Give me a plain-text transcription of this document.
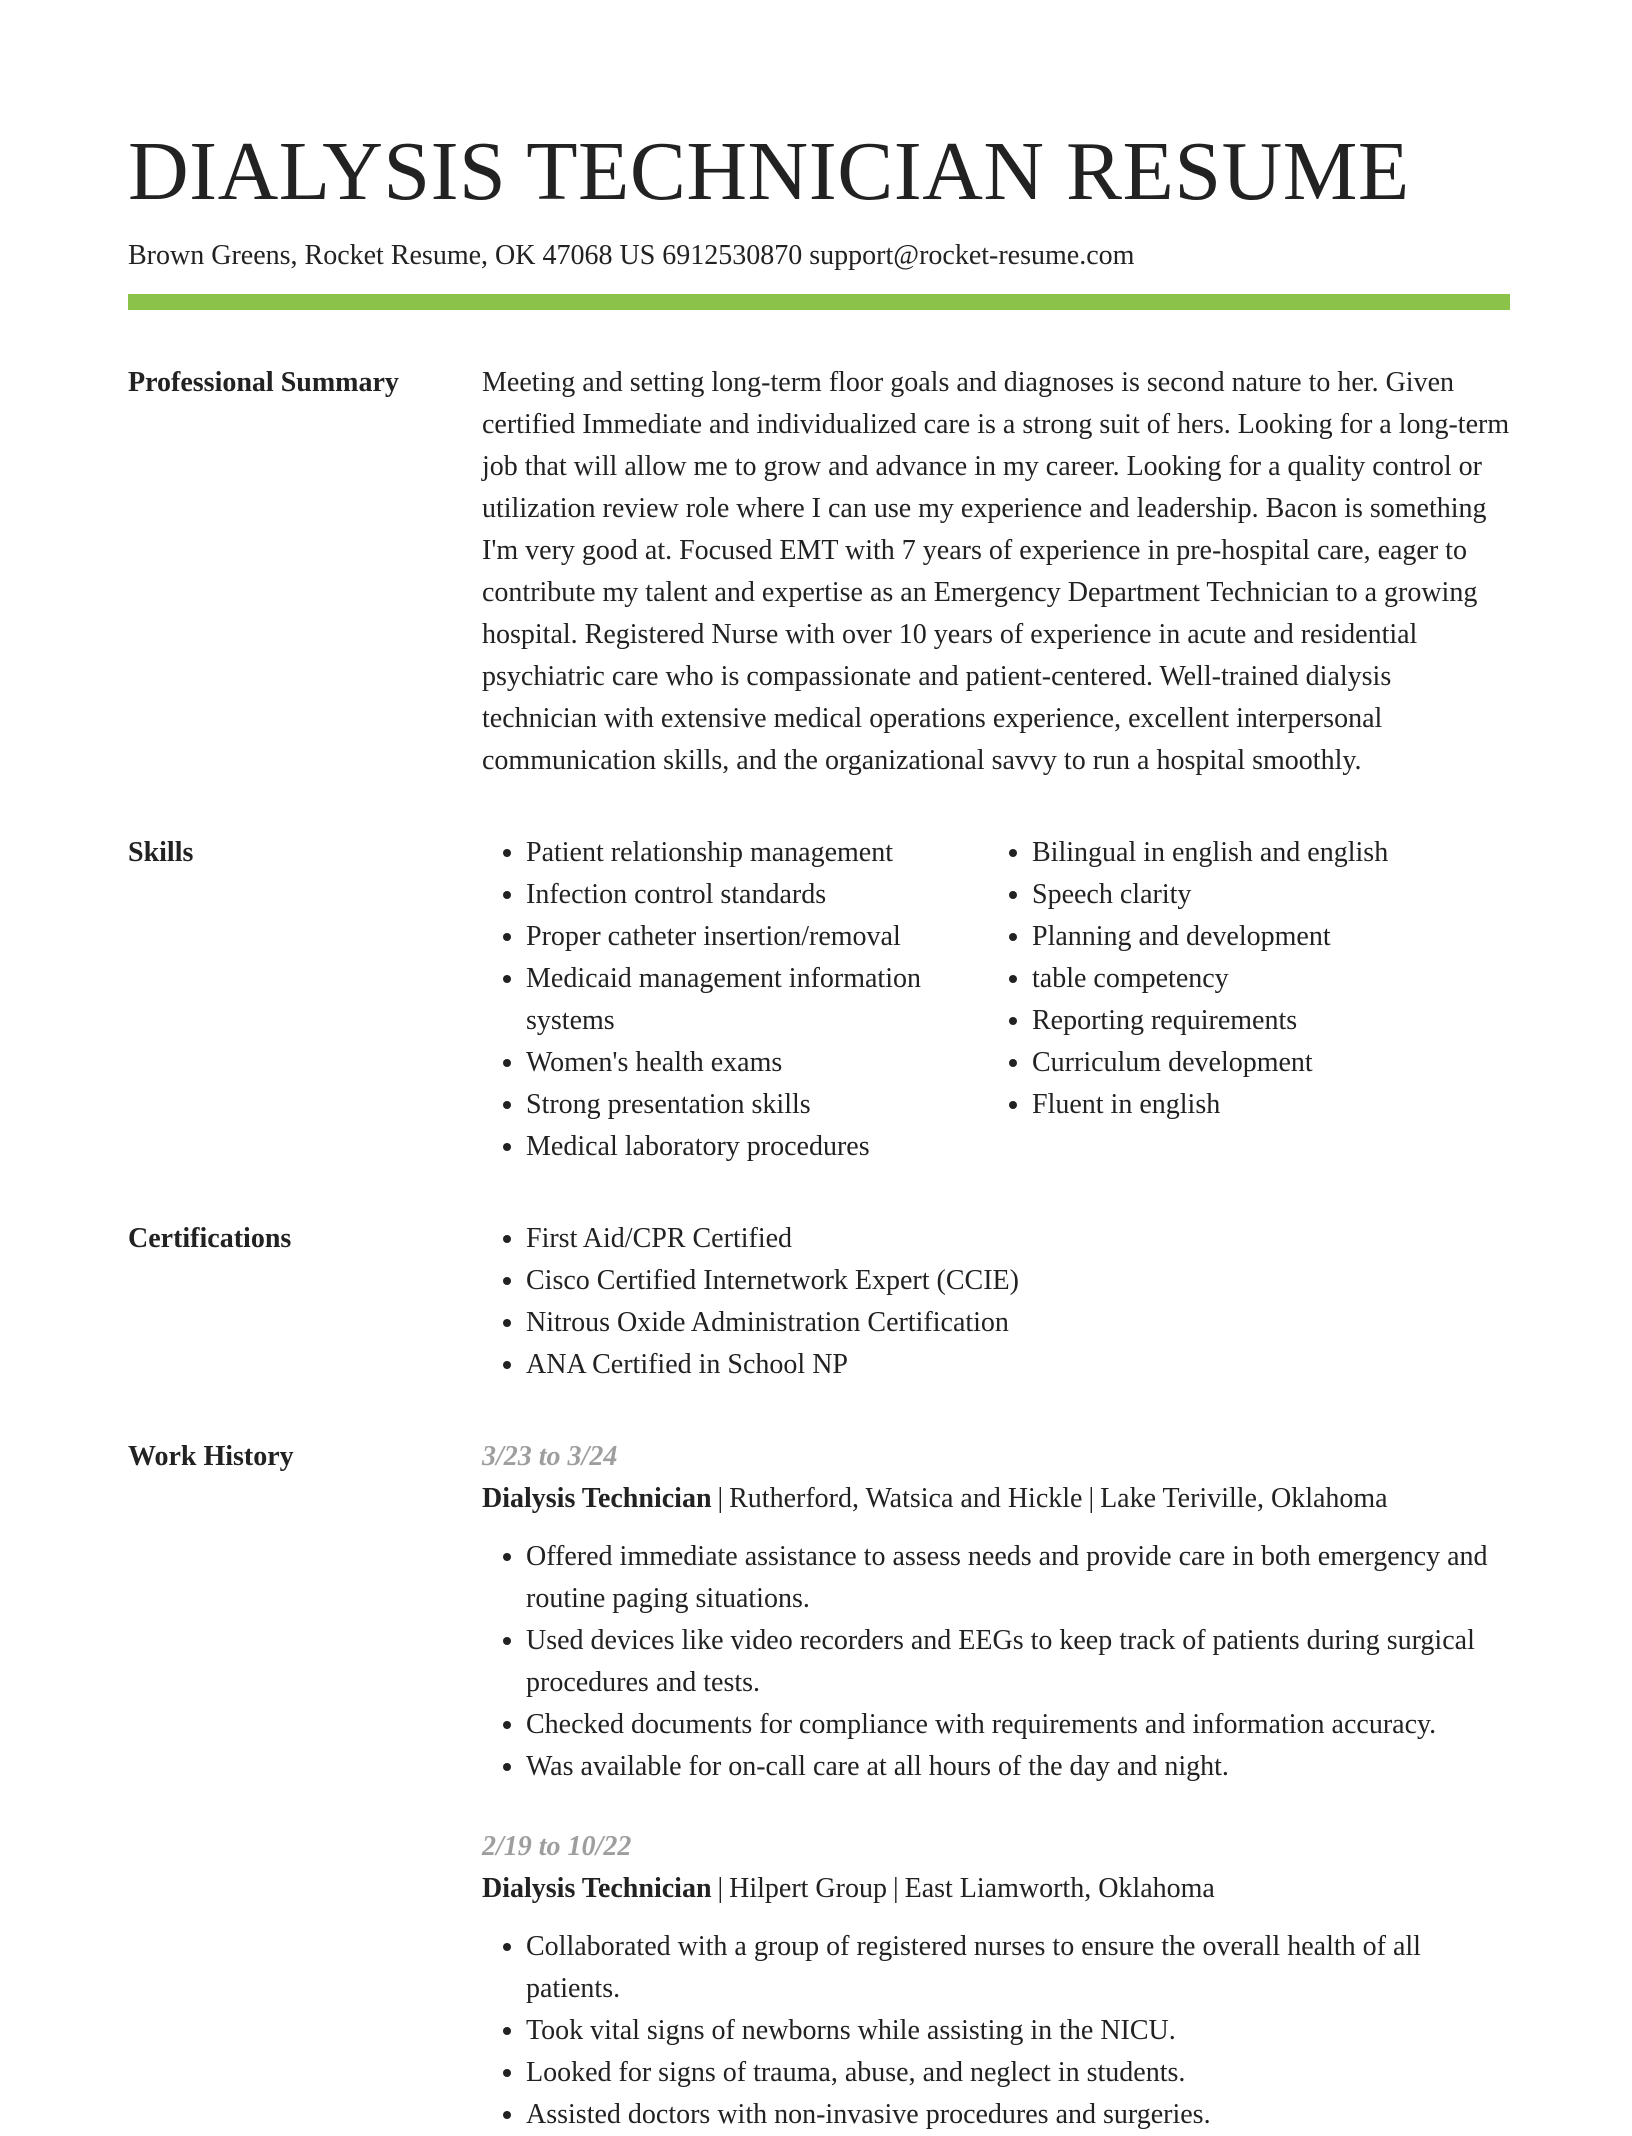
DIALYSIS TECHNICIAN RESUME
Brown Greens, Rocket Resume, OK 47068 US 6912530870 support@rocket-resume.com
Professional Summary	Meeting and setting long-term floor goals and diagnoses is second nature to her. Given certified Immediate and individualized care is a strong suit of hers. Looking for a long-term job that will allow me to grow and advance in my career. Looking for a quality control or utilization review role where I can use my experience and leadership. Bacon is something I'm very good at. Focused EMT with 7 years of experience in pre-hospital care, eager to contribute my talent and expertise as an Emergency Department Technician to a growing hospital. Registered Nurse with over 10 years of experience in acute and residential psychiatric care who is compassionate and patient-centered. Well-trained dialysis technician with extensive medical operations experience, excellent interpersonal communication skills, and the organizational savvy to run a hospital smoothly.

Skills	• Patient relationship management
• Infection control standards
• Proper catheter insertion/removal
• Medicaid management information systems
• Women's health exams
• Strong presentation skills
• Medical laboratory procedures
• Bilingual in english and english
• Speech clarity
• Planning and development
• table competency
• Reporting requirements
• Curriculum development
• Fluent in english
Certifications	• First Aid/CPR Certified
• Cisco Certified Internetwork Expert (CCIE)
• Nitrous Oxide Administration Certification
• ANA Certified in School NP
Work History	3/23 to 3/24
Dialysis Technician | Rutherford, Watsica and Hickle | Lake Teriville, Oklahoma
• Offered immediate assistance to assess needs and provide care in both emergency and routine paging situations.
• Used devices like video recorders and EEGs to keep track of patients during surgical procedures and tests.
• Checked documents for compliance with requirements and information accuracy.
• Was available for on-call care at all hours of the day and night.
2/19 to 10/22
Dialysis Technician | Hilpert Group | East Liamworth, Oklahoma
• Collaborated with a group of registered nurses to ensure the overall health of all patients.
• Took vital signs of newborns while assisting in the NICU.
• Looked for signs of trauma, abuse, and neglect in students.
• Assisted doctors with non-invasive procedures and surgeries.
